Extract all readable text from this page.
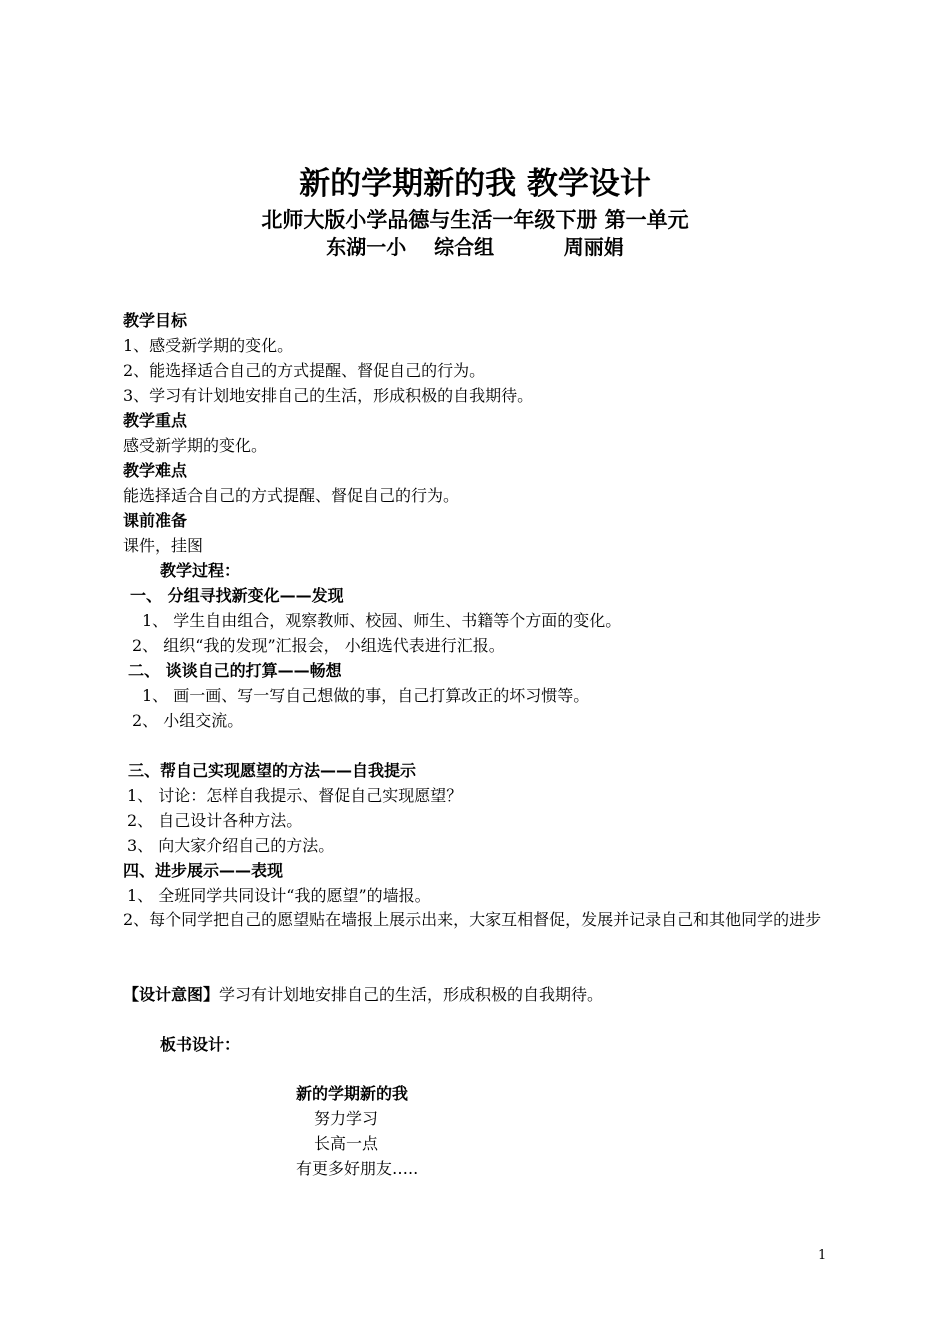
新的学期新的我 教学设计
北师大版小学品德与生活一年级下册 第一单元
东湖一小    综合组          周丽娟
教学目标
1、感受新学期的变化。
2、能选择适合自己的方式提醒、督促自己的行为。
3、学习有计划地安排自己的生活，形成积极的自我期待。
教学重点
感受新学期的变化。
教学难点
能选择适合自己的方式提醒、督促自己的行为。
课前准备
课件，挂图
教学过程：
一、 分组寻找新变化——发现
1、 学生自由组合，观察教师、校园、师生、书籍等个方面的变化。
2、 组织“我的发现”汇报会， 小组选代表进行汇报。
二、 谈谈自己的打算——畅想
1、 画一画、写一写自己想做的事，自己打算改正的坏习惯等。
2、 小组交流。
三、帮自己实现愿望的方法——自我提示
1、 讨论：怎样自我提示、督促自己实现愿望？
2、 自己设计各种方法。
3、 向大家介绍自己的方法。
四、进步展示——表现
1、 全班同学共同设计“我的愿望”的墙报。
2、每个同学把自己的愿望贴在墙报上展示出来，大家互相督促，发展并记录自己和其他同学的进步
【设计意图】学习有计划地安排自己的生活，形成积极的自我期待。
板书设计：
新的学期新的我
努力学习
长高一点
有更多好朋友…..
1
